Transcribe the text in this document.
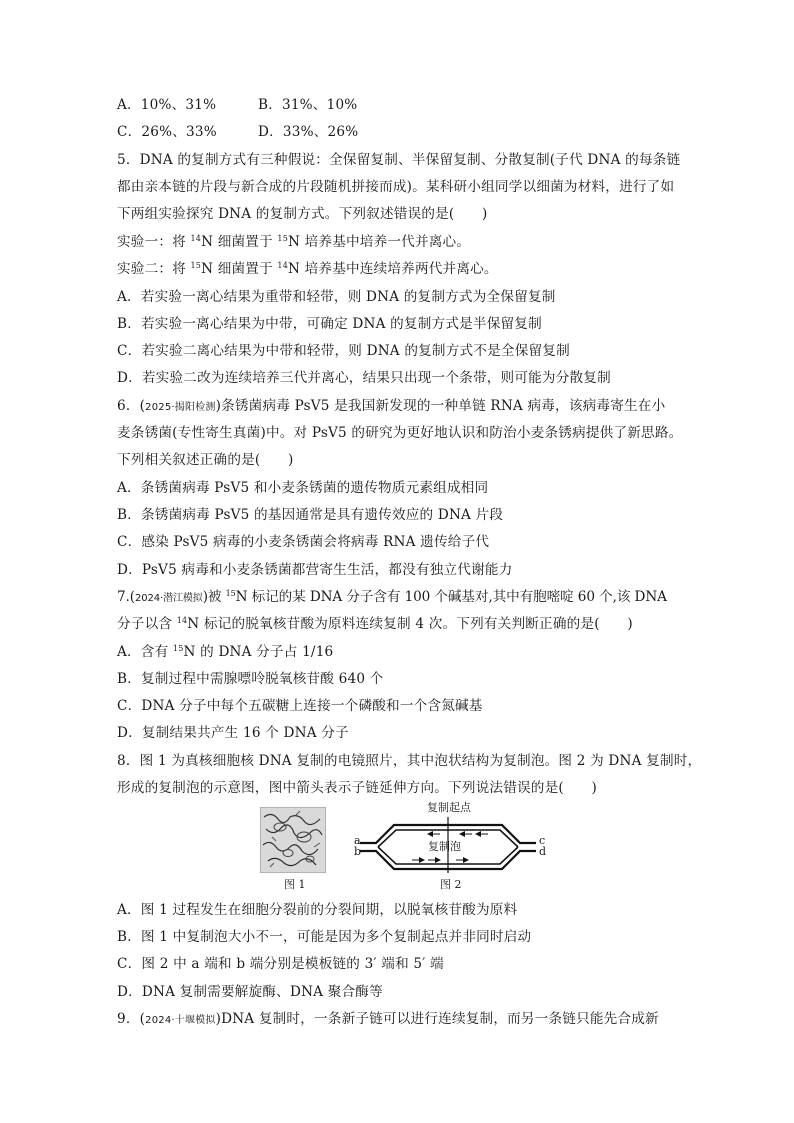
A．10%、31%	B．31%、10%
C．26%、33%	D．33%、26%
5．DNA 的复制方式有三种假说：全保留复制、半保留复制、分散复制(子代 DNA 的每条链
都由亲本链的片段与新合成的片段随机拼接而成)。某科研小组同学以细菌为材料，进行了如
下两组实验探究 DNA 的复制方式。下列叙述错误的是(　　)
实验一：将 $^{14}$N 细菌置于 $^{15}$N 培养基中培养一代并离心。
实验二：将 $^{15}$N 细菌置于 $^{14}$N 培养基中连续培养两代并离心。
A．若实验一离心结果为重带和轻带，则 DNA 的复制方式为全保留复制
B．若实验一离心结果为中带，可确定 DNA 的复制方式是半保留复制
C．若实验二离心结果为中带和轻带，则 DNA 的复制方式不是全保留复制
D．若实验二改为连续培养三代并离心，结果只出现一个条带，则可能为分散复制
6．(2025·揭阳检测)条锈菌病毒 PsV5 是我国新发现的一种单链 RNA 病毒，该病毒寄生在小
麦条锈菌(专性寄生真菌)中。对 PsV5 的研究为更好地认识和防治小麦条锈病提供了新思路。
下列相关叙述正确的是(　　)
A．条锈菌病毒 PsV5 和小麦条锈菌的遗传物质元素组成相同
B．条锈菌病毒 PsV5 的基因通常是具有遗传效应的 DNA 片段
C．感染 PsV5 病毒的小麦条锈菌会将病毒 RNA 遗传给子代
D．PsV5 病毒和小麦条锈菌都营寄生生活，都没有独立代谢能力
7.(2024·潜江模拟)被 $^{15}$N 标记的某 DNA 分子含有 100 个碱基对,其中有胞嘧啶 60 个,该 DNA
分子以含 $^{14}$N 标记的脱氧核苷酸为原料连续复制 4 次。下列有关判断正确的是(　　)
A．含有 $^{15}$N 的 DNA 分子占 1/16
B．复制过程中需腺嘌呤脱氧核苷酸 640 个
C．DNA 分子中每个五碳糖上连接一个磷酸和一个含氮碱基
D．复制结果共产生 16 个 DNA 分子
8．图 1 为真核细胞核 DNA 复制的电镜照片，其中泡状结构为复制泡。图 2 为 DNA 复制时，
形成的复制泡的示意图，图中箭头表示子链延伸方向。下列说法错误的是(　　)
图 1
复制起点
复制泡
a
b
c
d
图 2
A．图 1 过程发生在细胞分裂前的分裂间期，以脱氧核苷酸为原料
B．图 1 中复制泡大小不一，可能是因为多个复制起点并非同时启动
C．图 2 中 a 端和 b 端分别是模板链的 3′ 端和 5′ 端
D．DNA 复制需要解旋酶、DNA 聚合酶等
9．(2024·十堰模拟)DNA 复制时，一条新子链可以进行连续复制，而另一条链只能先合成新
